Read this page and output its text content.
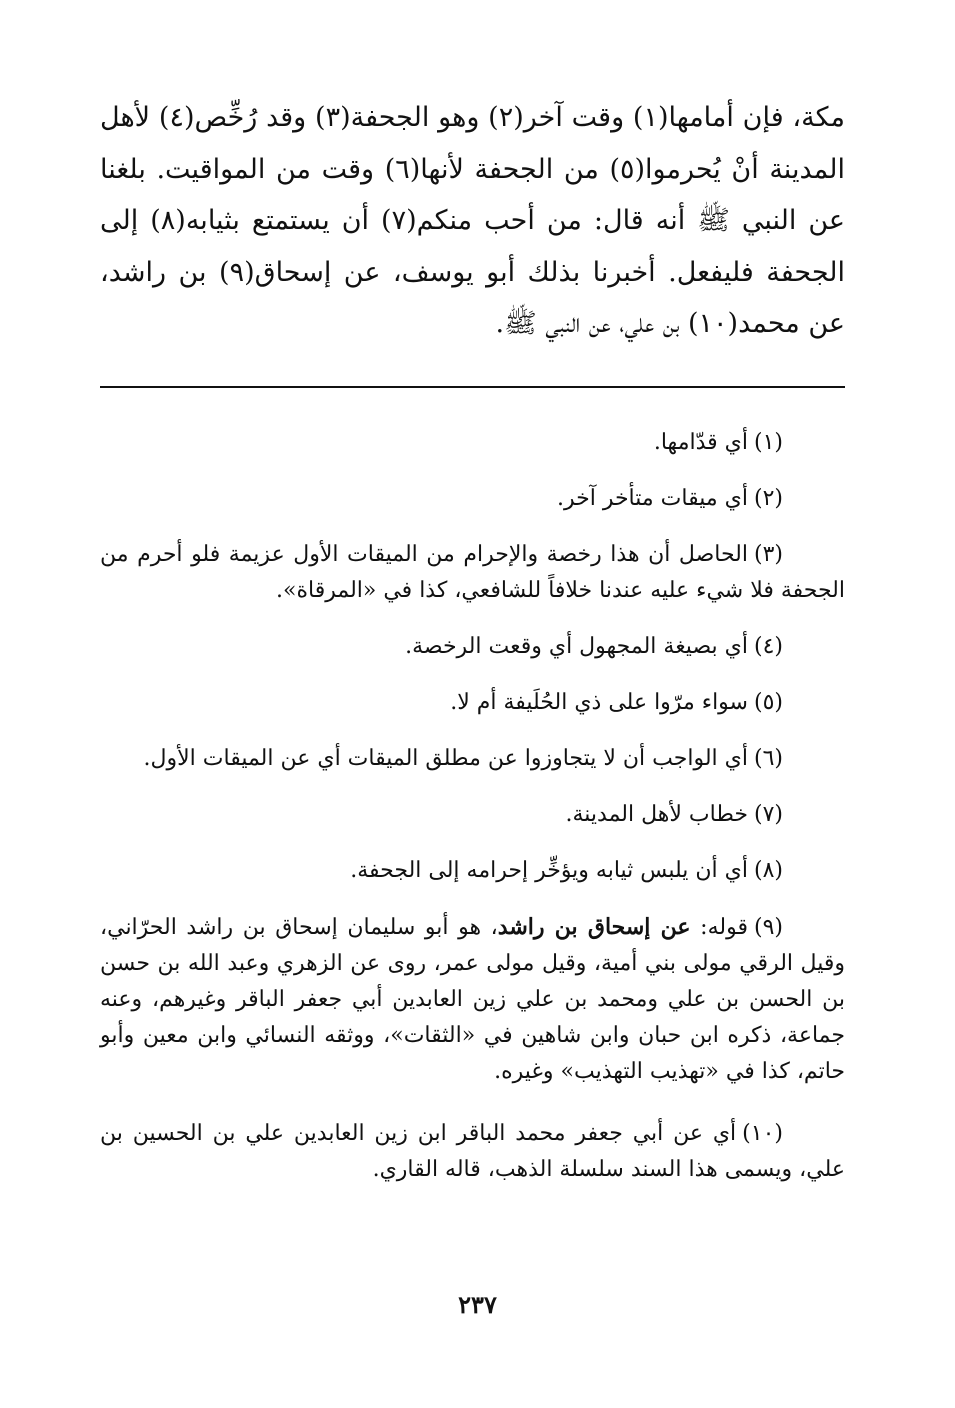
مكة، فإن أمامها(١) وقت آخر(٢) وهو الجحفة(٣) وقد رُخِّص(٤) لأهل المدينة أنْ يُحرموا(٥) من الجحفة لأنها(٦) وقت من المواقيت. بلغنا عن النبي ﷺ أنه قال: من أحب منكم(٧) أن يستمتع بثيابه(٨) إلى الجحفة فليفعل. أخبرنا بذلك أبو يوسف، عن إسحاق(٩) بن راشد، عن محمد(١٠) بن علي، عن النبي ﷺ.

(١)أي قدّامها.

(٢)أي ميقات متأخر آخر.

(٣)الحاصل أن هذا رخصة والإحرام من الميقات الأول عزيمة فلو أحرم من الجحفة فلا شيء عليه عندنا خلافاً للشافعي، كذا في «المرقاة».

(٤)أي بصيغة المجهول أي وقعت الرخصة.

(٥)سواء مرّوا على ذي الحُلَيفة أم لا.

(٦)أي الواجب أن لا يتجاوزوا عن مطلق الميقات أي عن الميقات الأول.

(٧)خطاب لأهل المدينة.

(٨)أي أن يلبس ثيابه ويؤخِّر إحرامه إلى الجحفة.

(٩)قوله: عن إسحاق بن راشد، هو أبو سليمان إسحاق بن راشد الحرّاني، وقيل الرقي مولى بني أمية، وقيل مولى عمر، روى عن الزهري وعبد الله بن حسن بن الحسن بن علي ومحمد بن علي زين العابدين أبي جعفر الباقر وغيرهم، وعنه جماعة، ذكره ابن حبان وابن شاهين في «الثقات»، ووثقه النسائي وابن معين وأبو حاتم، كذا في «تهذيب التهذيب» وغيره.

(١٠)أي عن أبي جعفر محمد الباقر ابن زين العابدين علي بن الحسين بن علي، ويسمى هذا السند سلسلة الذهب، قاله القاري.

٢٣٧
